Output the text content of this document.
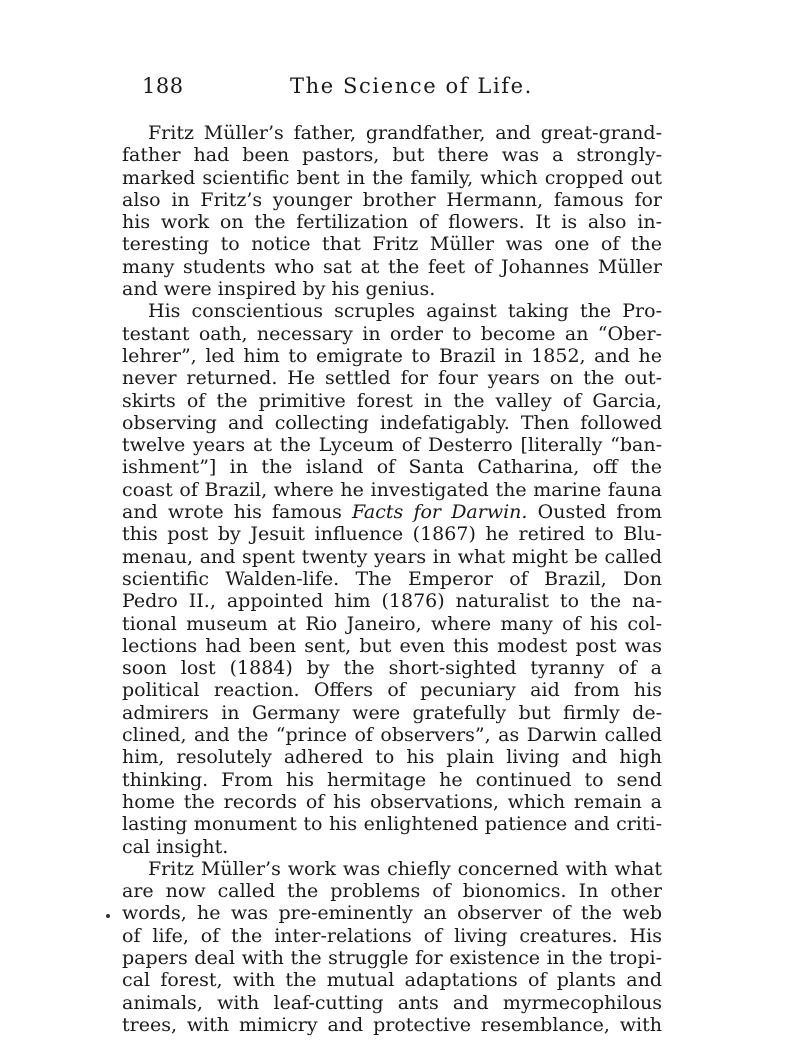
188	The Science of Life.
Fritz Müller’s father, grandfather, and great-grand-
father had been pastors, but there was a strongly-
marked scientific bent in the family, which cropped out
also in Fritz’s younger brother Hermann, famous for
his work on the fertilization of flowers. It is also in-
teresting to notice that Fritz Müller was one of the
many students who sat at the feet of Johannes Müller
and were inspired by his genius.
His conscientious scruples against taking the Pro-
testant oath, necessary in order to become an “Ober-
lehrer”, led him to emigrate to Brazil in 1852, and he
never returned. He settled for four years on the out-
skirts of the primitive forest in the valley of Garcia,
observing and collecting indefatigably. Then followed
twelve years at the Lyceum of Desterro [literally “ban-
ishment”] in the island of Santa Catharina, off the
coast of Brazil, where he investigated the marine fauna
and wrote his famous Facts for Darwin. Ousted from
this post by Jesuit influence (1867) he retired to Blu-
menau, and spent twenty years in what might be called
scientific Walden-life. The Emperor of Brazil, Don
Pedro II., appointed him (1876) naturalist to the na-
tional museum at Rio Janeiro, where many of his col-
lections had been sent, but even this modest post was
soon lost (1884) by the short-sighted tyranny of a
political reaction. Offers of pecuniary aid from his
admirers in Germany were gratefully but firmly de-
clined, and the “prince of observers”, as Darwin called
him, resolutely adhered to his plain living and high
thinking. From his hermitage he continued to send
home the records of his observations, which remain a
lasting monument to his enlightened patience and criti-
cal insight.
Fritz Müller’s work was chiefly concerned with what
are now called the problems of bionomics. In other
words, he was pre-eminently an observer of the web
of life, of the inter-relations of living creatures. His
papers deal with the struggle for existence in the tropi-
cal forest, with the mutual adaptations of plants and
animals, with leaf-cutting ants and myrmecophilous
trees, with mimicry and protective resemblance, with
